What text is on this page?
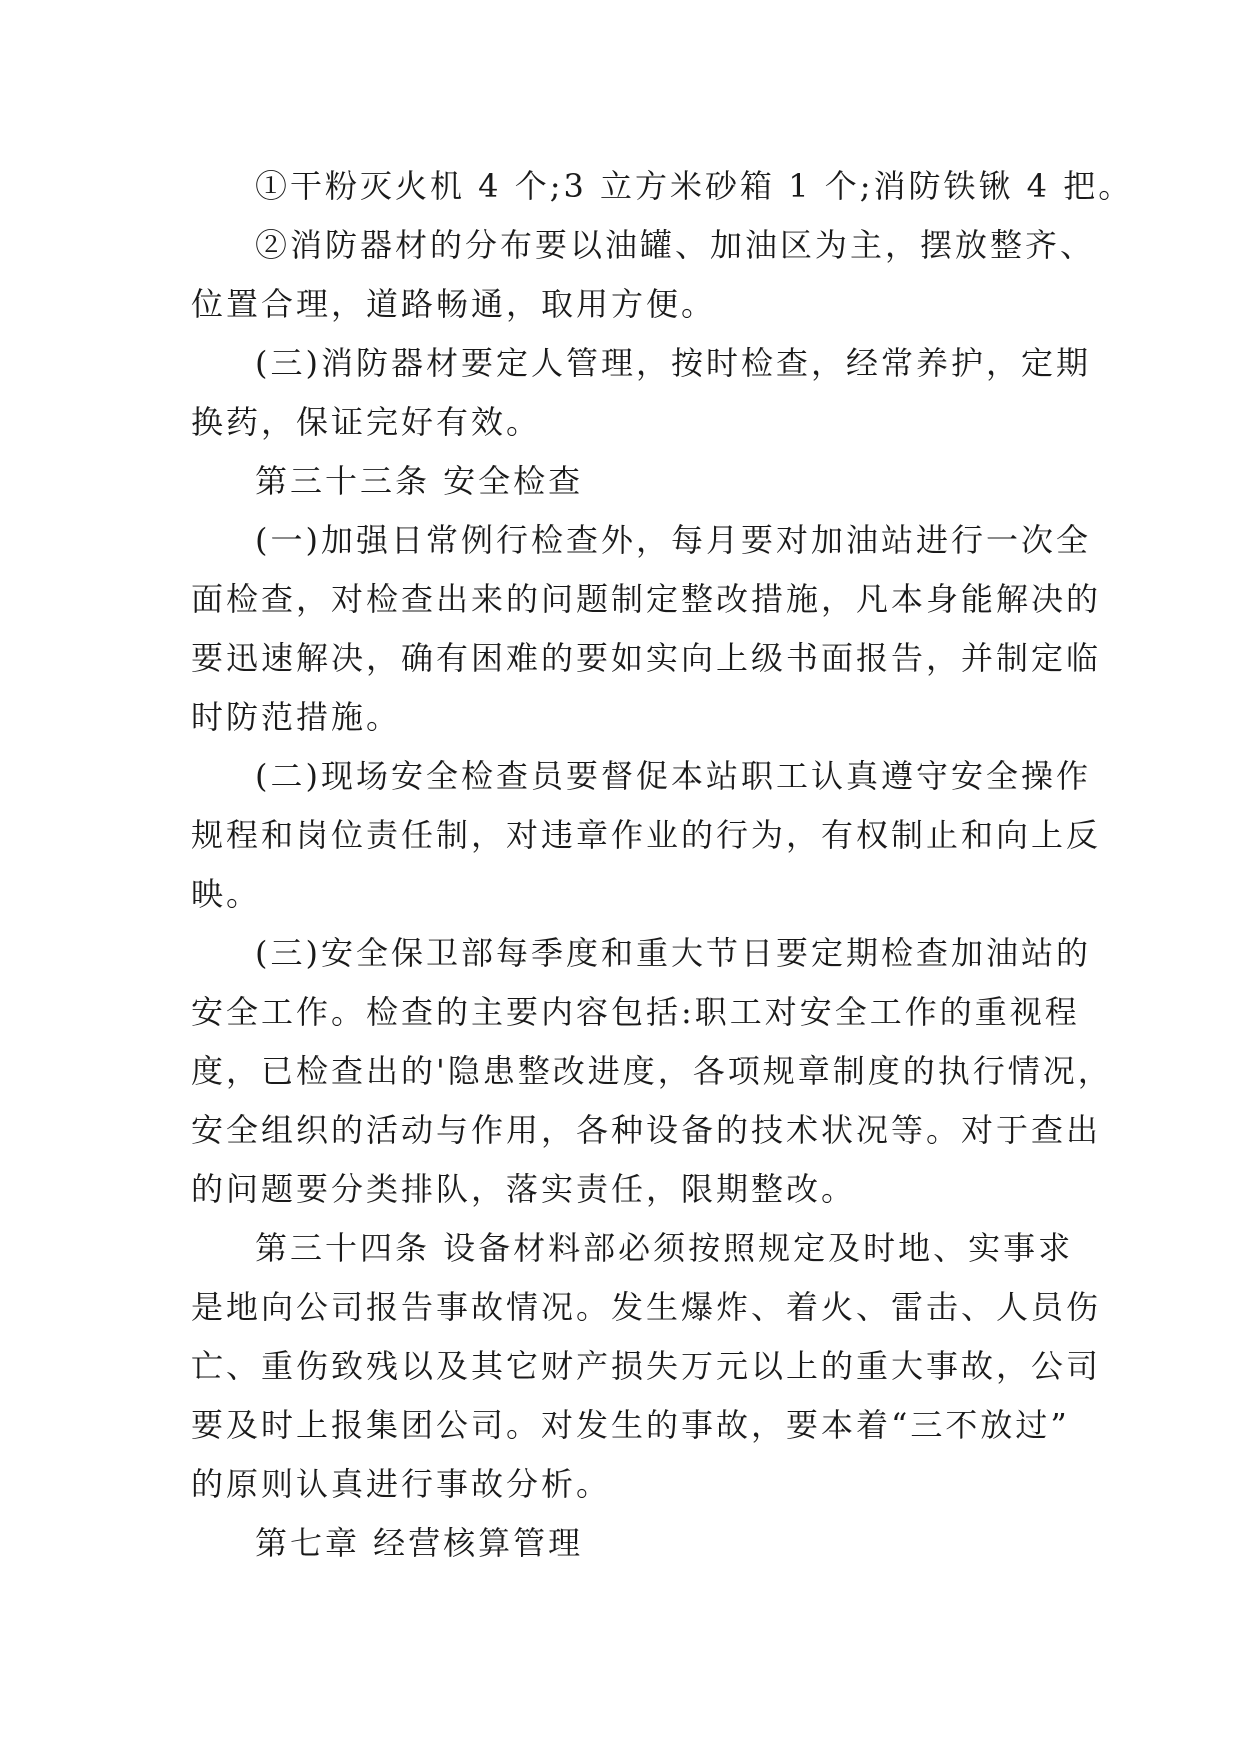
①干粉灭火机 4 个;3 立方米砂箱 1 个;消防铁锹 4 把。
②消防器材的分布要以油罐、加油区为主，摆放整齐、
位置合理，道路畅通，取用方便。
(三)消防器材要定人管理，按时检查，经常养护，定期
换药，保证完好有效。
第三十三条 安全检查
(一)加强日常例行检查外，每月要对加油站进行一次全
面检查，对检查出来的问题制定整改措施，凡本身能解决的
要迅速解决，确有困难的要如实向上级书面报告，并制定临
时防范措施。
(二)现场安全检查员要督促本站职工认真遵守安全操作
规程和岗位责任制，对违章作业的行为，有权制止和向上反
映。
(三)安全保卫部每季度和重大节日要定期检查加油站的
安全工作。检查的主要内容包括:职工对安全工作的重视程
度，已检查出的'隐患整改进度，各项规章制度的执行情况，
安全组织的活动与作用，各种设备的技术状况等。对于查出
的问题要分类排队，落实责任，限期整改。
第三十四条 设备材料部必须按照规定及时地、实事求
是地向公司报告事故情况。发生爆炸、着火、雷击、人员伤
亡、重伤致残以及其它财产损失万元以上的重大事故，公司
要及时上报集团公司。对发生的事故，要本着“三不放过”
的原则认真进行事故分析。
第七章 经营核算管理
